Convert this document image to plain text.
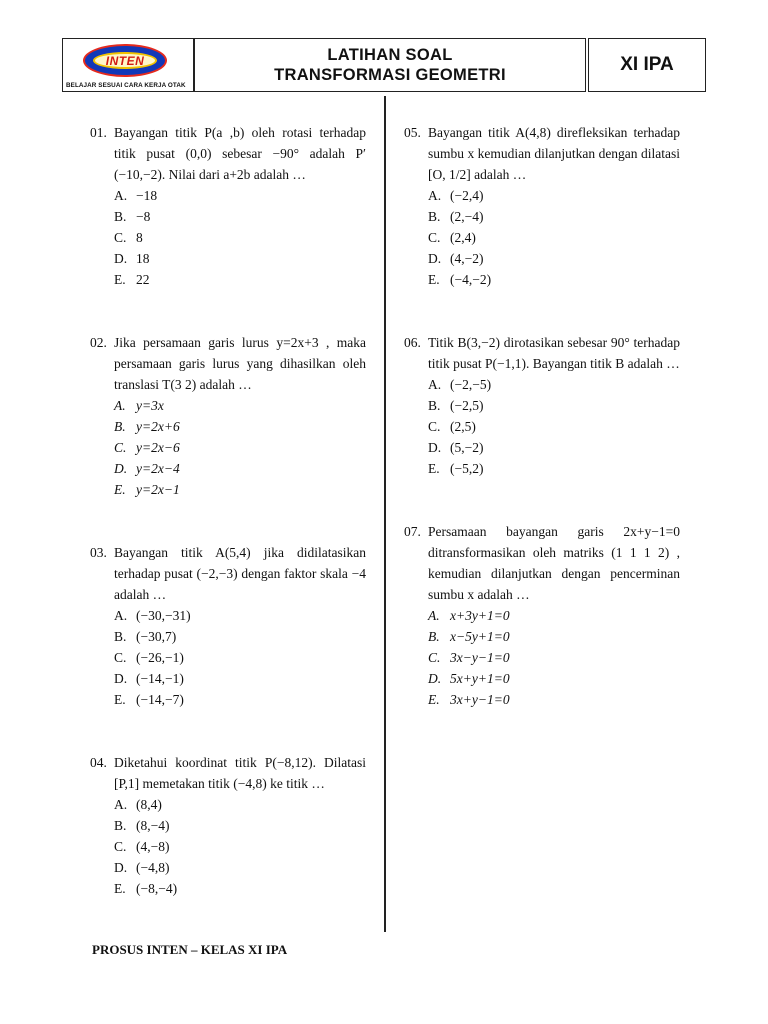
INTEN
BELAJAR SESUAI CARA KERJA OTAK
LATIHAN SOAL
TRANSFORMASI GEOMETRI	XI IPA
01. Bayangan titik P(a ,b) oleh rotasi terhadap titik pusat (0,0) sebesar −90° adalah P′(−10,−2). Nilai dari a+2b adalah …
A. −18
B. −8
C. 8
D. 18
E. 22
02. Jika persamaan garis lurus y=2x+3 , maka persamaan garis lurus yang dihasilkan oleh translasi T(3 2) adalah …
A. y=3x
B. y=2x+6
C. y=2x−6
D. y=2x−4
E. y=2x−1
03. Bayangan titik A(5,4) jika didilatasikan terhadap pusat (−2,−3) dengan faktor skala −4 adalah …
A. (−30,−31)
B. (−30,7)
C. (−26,−1)
D. (−14,−1)
E. (−14,−7)
04. Diketahui koordinat titik P(−8,12). Dilatasi [P,1] memetakan titik (−4,8) ke titik …
A. (8,4)
B. (8,−4)
C. (4,−8)
D. (−4,8)
E. (−8,−4)
05. Bayangan titik A(4,8) direfleksikan terhadap sumbu x kemudian dilanjutkan dengan dilatasi [O, 1/2] adalah …
A. (−2,4)
B. (2,−4)
C. (2,4)
D. (4,−2)
E. (−4,−2)
06. Titik B(3,−2) dirotasikan sebesar 90° terhadap titik pusat P(−1,1). Bayangan titik B adalah …
A. (−2,−5)
B. (−2,5)
C. (2,5)
D. (5,−2)
E. (−5,2)
07. Persamaan bayangan garis 2x+y−1=0 ditransformasikan oleh matriks (1 1 1 2) , kemudian dilanjutkan dengan pencerminan sumbu x adalah …
A. x+3y+1=0
B. x−5y+1=0
C. 3x−y−1=0
D. 5x+y+1=0
E. 3x+y−1=0
PROSUS INTEN – KELAS XI IPA
